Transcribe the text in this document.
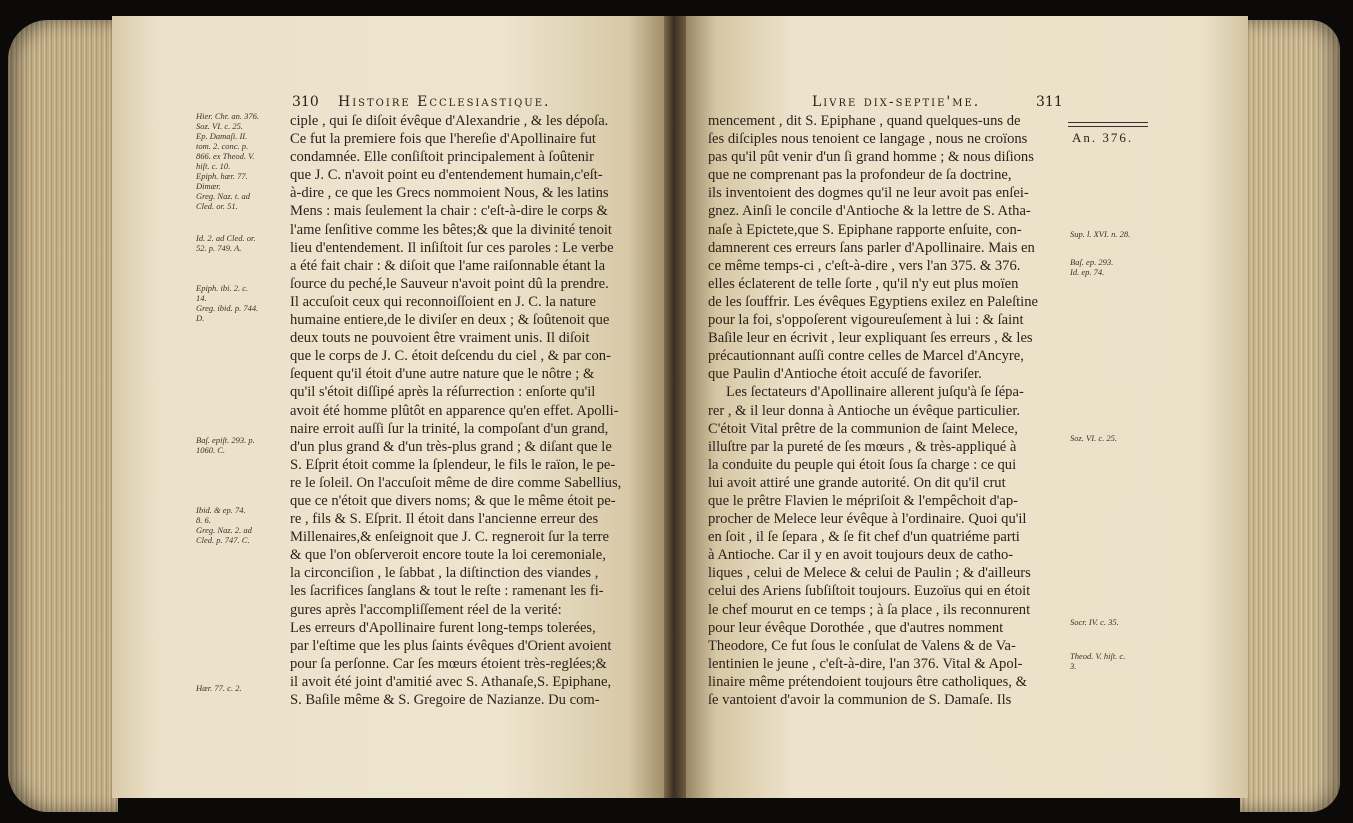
310 Histoire Ecclesiastique.
Hier. Chr. an. 376.
Soz. VI. c. 25.
Ep. Damaſi. II.
tom. 2. conc. p.
866. ex Theod. V.
hiſt. c. 10.
Epiph. hær. 77.
Dimær.
Greg. Naz. t. ad
Cled. or. 51.
Id. 2. ad Cled. or.
52. p. 749. A.
Epiph. ibi. 2. c.
14.
Greg. ibid. p. 744.
D.
Baſ. epiſt. 293. p.
1060. C.
Ibid. & ep. 74.
8. 6.
Greg. Naz. 2. ad
Cled. p. 747. C.
Hær. 77. c. 2.
ciple , qui ſe diſoit évêque d'Alexandrie , & les dépoſa.
Ce fut la premiere fois que l'hereſie d'Apollinaire fut
condamnée. Elle conſiſtoit principalement à ſoûtenir
que J. C. n'avoit point eu d'entendement humain,c'eſt-
à-dire , ce que les Grecs nommoient Nous, & les latins
Mens : mais ſeulement la chair : c'eſt-à-dire le corps &
l'ame ſenſitive comme les bêtes;& que la divinité tenoit
lieu d'entendement. Il inſiſtoit ſur ces paroles : Le verbe
a été fait chair : & diſoit que l'ame raiſonnable étant la
ſource du peché,le Sauveur n'avoit point dû la prendre.
Il accuſoit ceux qui reconnoiſſoient en J. C. la nature
humaine entiere,de le diviſer en deux ; & ſoûtenoit que
deux touts ne pouvoient être vraiment unis. Il diſoit
que le corps de J. C. étoit deſcendu du ciel , & par con-
ſequent qu'il étoit d'une autre nature que le nôtre ; &
qu'il s'étoit diſſipé après la réſurrection : enſorte qu'il
avoit été homme plûtôt en apparence qu'en effet. Apolli-
naire erroit auſſi ſur la trinité, la compoſant d'un grand,
d'un plus grand & d'un très-plus grand ; & diſant que le
S. Eſprit étoit comme la ſplendeur, le fils le raïon, le pe-
re le ſoleil. On l'accuſoit même de dire comme Sabellius,
que ce n'étoit que divers noms; & que le même étoit pe-
re , fils & S. Eſprit. Il étoit dans l'ancienne erreur des
Millenaires,& enſeignoit que J. C. regneroit ſur la terre
& que l'on obſerveroit encore toute la loi ceremoniale,
la circonciſion , le ſabbat , la diſtinction des viandes ,
les ſacrifices ſanglans & tout le reſte : ramenant les fi-
gures après l'accompliſſement réel de la verité:
Les erreurs d'Apollinaire furent long-temps tolerées,
par l'eſtime que les plus ſaints évêques d'Orient avoient
pour ſa perſonne. Car ſes mœurs étoient très-reglées;&
il avoit été joint d'amitié avec S. Athanaſe,S. Epiphane,
S. Baſile même & S. Gregoire de Nazianze. Du com-
Livre dix-septie'me.	311
An. 376.
mencement , dit S. Epiphane , quand quelques-uns de
ſes diſciples nous tenoient ce langage , nous ne croïons
pas qu'il pût venir d'un ſi grand homme ; & nous diſions
que ne comprenant pas la profondeur de ſa doctrine,
ils inventoient des dogmes qu'il ne leur avoit pas enſei-
gnez. Ainſi le concile d'Antioche & la lettre de S. Atha-
naſe à Epictete,que S. Epiphane rapporte enſuite, con-
damnerent ces erreurs ſans parler d'Apollinaire. Mais en
ce même temps-ci , c'eſt-à-dire , vers l'an 375. & 376.
elles éclaterent de telle ſorte , qu'il n'y eut plus moïen
de les ſouffrir. Les évêques Egyptiens exilez en Paleſtine
pour la foi, s'oppoſerent vigoureuſement à lui : & ſaint
Baſile leur en écrivit , leur expliquant ſes erreurs , & les
précautionnant auſſi contre celles de Marcel d'Ancyre,
que Paulin d'Antioche étoit accuſé de favoriſer.
Les ſectateurs d'Apollinaire allerent juſqu'à ſe ſépa-
rer , & il leur donna à Antioche un évêque particulier.
C'étoit Vital prêtre de la communion de ſaint Melece,
illuſtre par la pureté de ſes mœurs , & très-appliqué à
la conduite du peuple qui étoit ſous ſa charge : ce qui
lui avoit attiré une grande autorité. On dit qu'il crut
que le prêtre Flavien le mépriſoit & l'empêchoit d'ap-
procher de Melece leur évêque à l'ordinaire. Quoi qu'il
en ſoit , il ſe ſepara , & ſe fit chef d'un quatriéme parti
à Antioche. Car il y en avoit toujours deux de catho-
liques , celui de Melece & celui de Paulin ; & d'ailleurs
celui des Ariens ſubſiſtoit toujours. Euzoïus qui en étoit
le chef mourut en ce temps ; à ſa place , ils reconnurent
pour leur évêque Dorothée , que d'autres nomment
Theodore, Ce fut ſous le conſulat de Valens & de Va-
lentinien le jeune , c'eſt-à-dire, l'an 376. Vital & Apol-
linaire même prétendoient toujours être catholiques, &
ſe vantoient d'avoir la communion de S. Damaſe. Ils
Sup. l. XVI. n. 28.
Baſ. ep. 293.
Id. ep. 74.
Soz. VI. c. 25.
Socr. IV. c. 35.
Theod. V. hiſt. c.
3.
